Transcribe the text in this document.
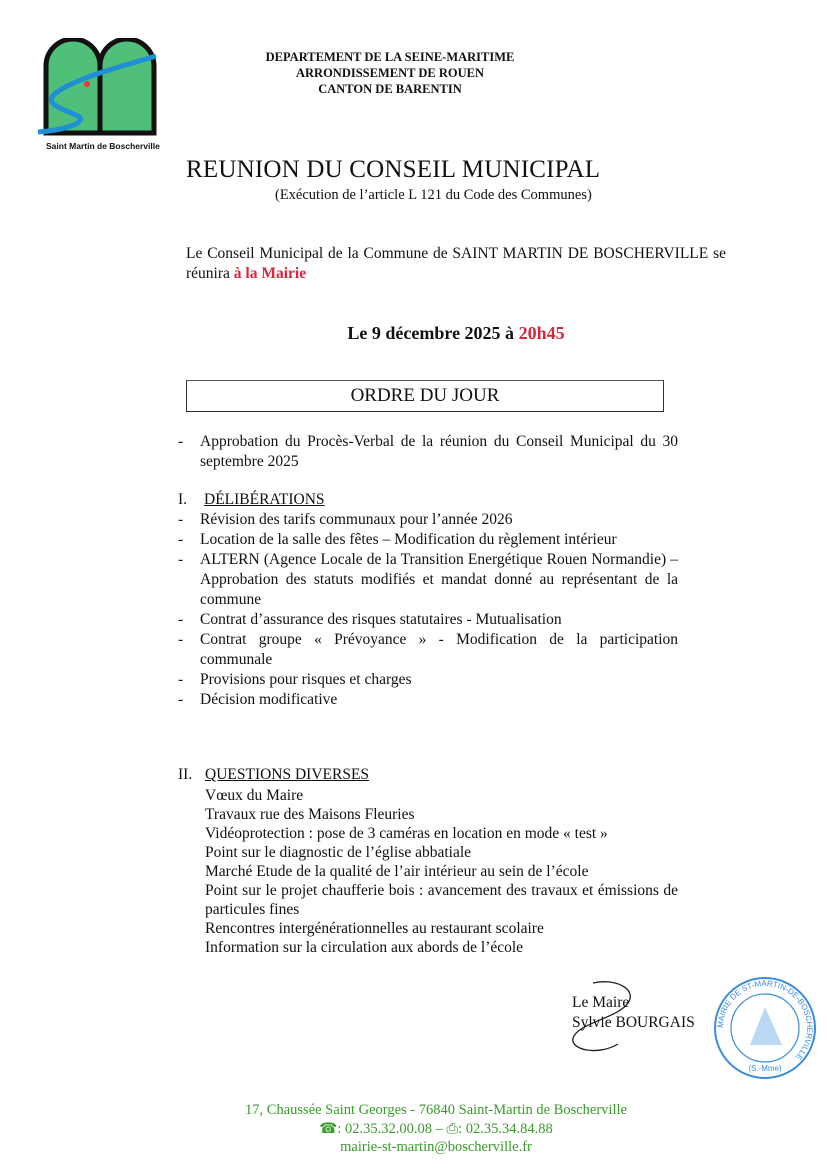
Saint Martin de Boscherville
DEPARTEMENT DE LA SEINE-MARITIME
ARRONDISSEMENT DE ROUEN
CANTON DE BARENTIN
REUNION DU CONSEIL MUNICIPAL
(Exécution de l’article L 121 du Code des Communes)
Le Conseil Municipal de la Commune de SAINT MARTIN DE BOSCHERVILLE se réunira à la Mairie
Le 9 décembre 2025 à 20h45
ORDRE DU JOUR
- Approbation du Procès-Verbal de la réunion du Conseil Municipal du 30 septembre 2025
I. DÉLIBÉRATIONS
- Révision des tarifs communaux pour l’année 2026
- Location de la salle des fêtes – Modification du règlement intérieur
- ALTERN (Agence Locale de la Transition Energétique Rouen Normandie) – Approbation des statuts modifiés et mandat donné au représentant de la commune
- Contrat d’assurance des risques statutaires - Mutualisation
- Contrat groupe « Prévoyance » - Modification de la participation communale
- Provisions pour risques et charges
- Décision modificative
II. QUESTIONS DIVERSES
Vœux du Maire
Travaux rue des Maisons Fleuries
Vidéoprotection : pose de 3 caméras en location en mode « test »
Point sur le diagnostic de l’église abbatiale
Marché Etude de la qualité de l’air intérieur au sein de l’école
Point sur le projet chaufferie bois : avancement des travaux et émissions de particules fines
Rencontres intergénérationnelles au restaurant scolaire
Information sur la circulation aux abords de l’école
MAIRIE DE ST-MARTIN-DE-BOSCHERVILLE
(S.-Mme)
Le Maire
Sylvie BOURGAIS
17, Chaussée Saint Georges - 76840 Saint-Martin de Boscherville
☎: 02.35.32.00.08 – ⎙: 02.35.34.84.88
mairie-st-martin@boscherville.fr
